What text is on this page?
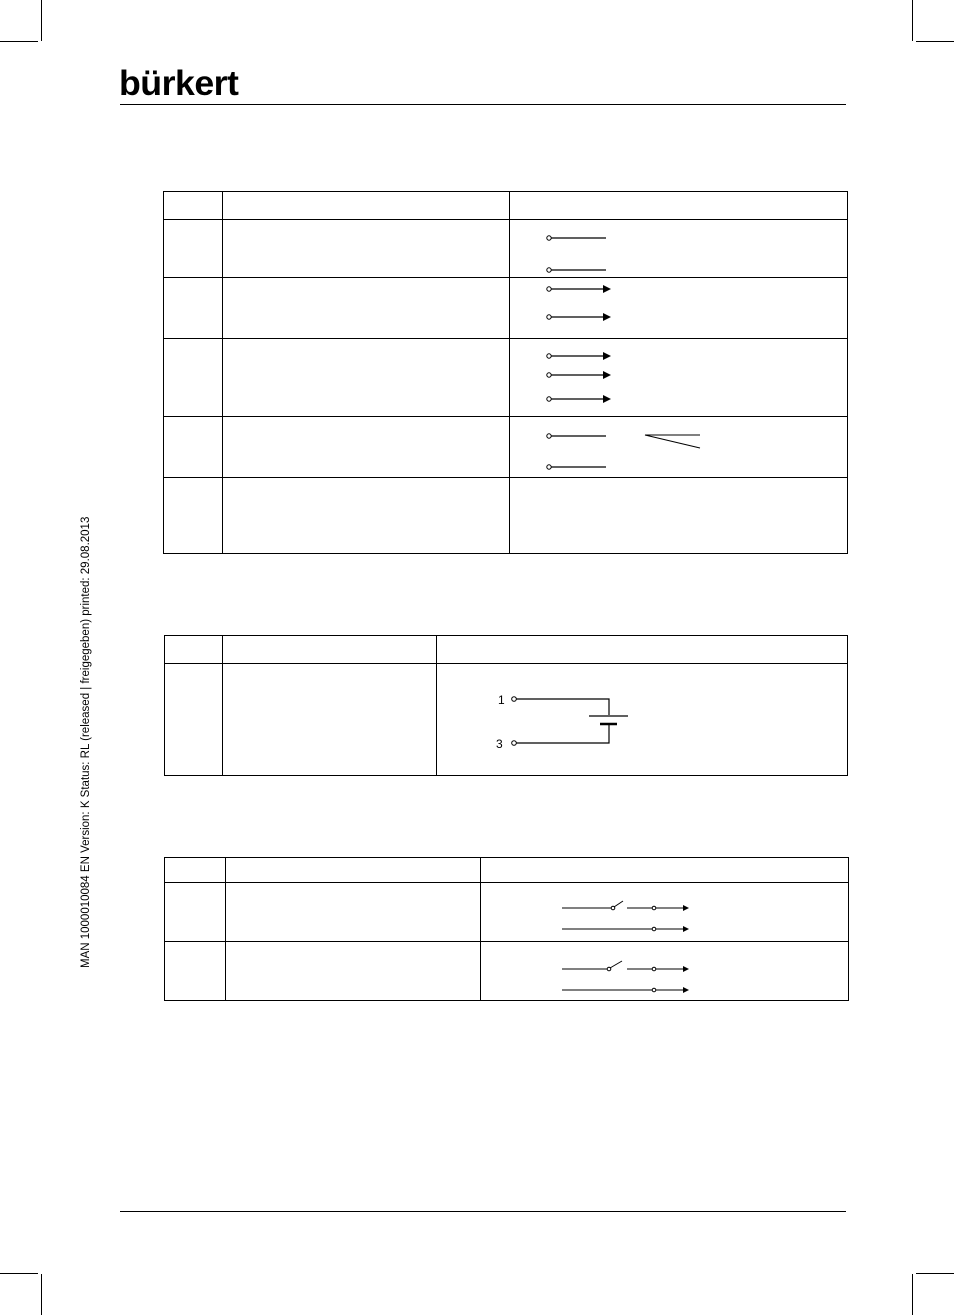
bürkert
MAN 1000010084 EN Version: K Status: RL (released | freigegeben) printed: 29.08.2013

1
3
